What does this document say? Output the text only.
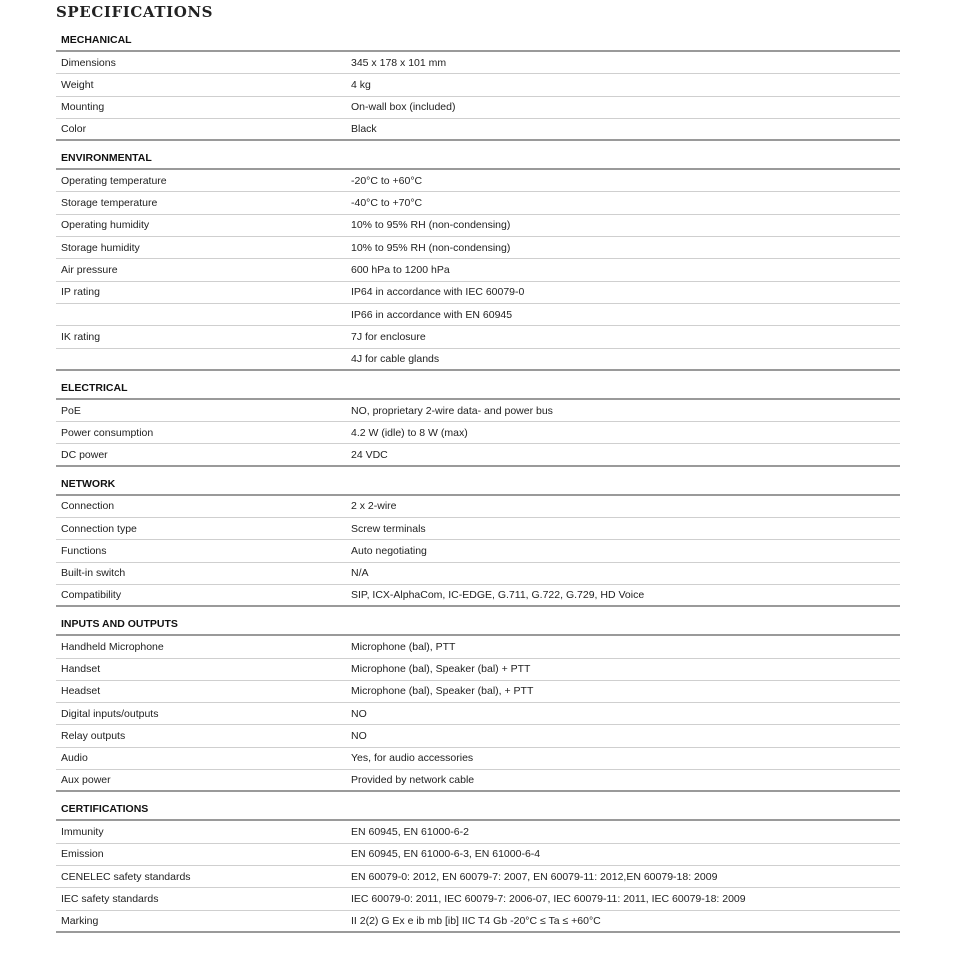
SPECIFICATIONS
MECHANICAL
Dimensions	345 x 178 x 101 mm
Weight	4 kg
Mounting	On-wall box (included)
Color	Black
ENVIRONMENTAL
Operating temperature	-20°C to +60°C
Storage temperature	-40°C to +70°C
Operating humidity	10% to 95% RH (non-condensing)
Storage humidity	10% to 95% RH (non-condensing)
Air pressure	600 hPa to 1200 hPa
IP rating	IP64 in accordance with IEC 60079-0
IP66 in accordance with EN 60945
IK rating	7J for enclosure
4J for cable glands
ELECTRICAL
PoE	NO, proprietary 2-wire data- and power bus
Power consumption	4.2 W (idle) to 8 W (max)
DC power	24 VDC
NETWORK
Connection	2 x 2-wire
Connection type	Screw terminals
Functions	Auto negotiating
Built-in switch	N/A
Compatibility	SIP, ICX-AlphaCom, IC-EDGE, G.711, G.722, G.729, HD Voice
INPUTS AND OUTPUTS
Handheld Microphone	Microphone (bal), PTT
Handset	Microphone (bal), Speaker (bal) + PTT
Headset	Microphone (bal), Speaker (bal), + PTT
Digital inputs/outputs	NO
Relay outputs	NO
Audio	Yes, for audio accessories
Aux power	Provided by network cable
CERTIFICATIONS
Immunity	EN 60945, EN 61000-6-2
Emission	EN 60945, EN 61000-6-3, EN 61000-6-4
CENELEC safety standards	EN 60079-0: 2012, EN 60079-7: 2007, EN 60079-11: 2012,EN 60079-18: 2009
IEC safety standards	IEC 60079-0: 2011, IEC 60079-7: 2006-07, IEC 60079-11: 2011, IEC 60079-18: 2009
Marking	II 2(2) G Ex e ib mb [ib] IIC T4 Gb -20°C ≤ Ta ≤ +60°C
